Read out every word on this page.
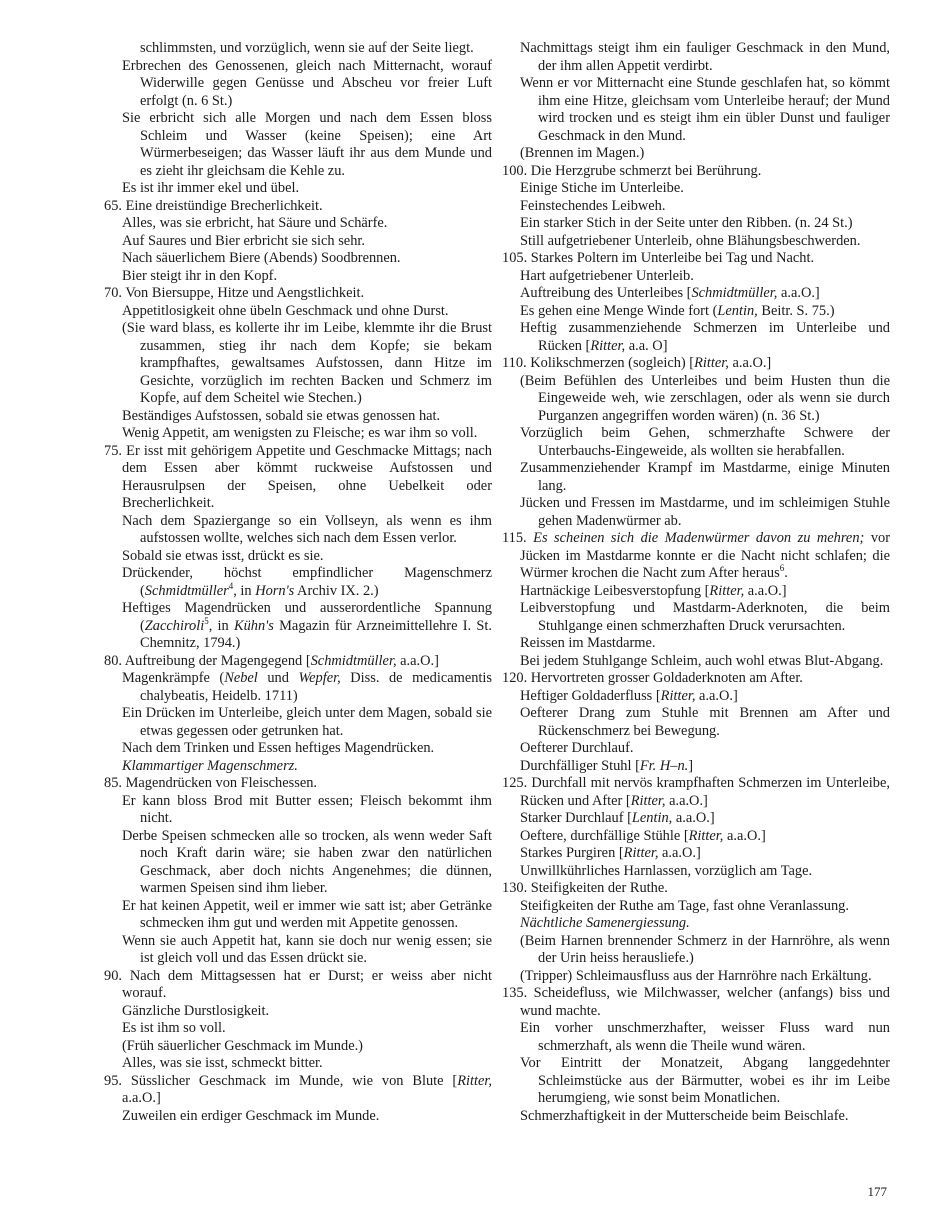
schlimmsten, und vorzüglich, wenn sie auf der Seite liegt.

Erbrechen des Genossenen, gleich nach Mitternacht, worauf Widerwille gegen Genüsse und Abscheu vor freier Luft erfolgt (n. 6 St.)

Sie erbricht sich alle Morgen und nach dem Essen bloss Schleim und Wasser (keine Speisen); eine Art Würmerbeseigen; das Wasser läuft ihr aus dem Munde und es zieht ihr gleichsam die Kehle zu.

Es ist ihr immer ekel und übel.

65. Eine dreistündige Brecherlichkeit.

Alles, was sie erbricht, hat Säure und Schärfe.

Auf Saures und Bier erbricht sie sich sehr.

Nach säuerlichem Biere (Abends) Soodbrennen.

Bier steigt ihr in den Kopf.

70. Von Biersuppe, Hitze und Aengstlichkeit.

Appetitlosigkeit ohne übeln Geschmack und ohne Durst.

(Sie ward blass, es kollerte ihr im Leibe, klemmte ihr die Brust zusammen, stieg ihr nach dem Kopfe; sie bekam krampfhaftes, gewaltsames Aufstossen, dann Hitze im Gesichte, vorzüglich im rechten Backen und Schmerz im Kopfe, auf dem Scheitel wie Stechen.)

Beständiges Aufstossen, sobald sie etwas genossen hat.

Wenig Appetit, am wenigsten zu Fleische; es war ihm so voll.

75. Er isst mit gehörigem Appetite und Geschmacke Mittags; nach dem Essen aber kömmt ruckweise Aufstossen und Herausrulpsen der Speisen, ohne Uebelkeit oder Brecherlichkeit.

Nach dem Spaziergange so ein Vollseyn, als wenn es ihm aufstossen wollte, welches sich nach dem Essen verlor.

Sobald sie etwas isst, drückt es sie.

Drückender, höchst empfindlicher Magenschmerz (Schmidtmüller$^4$, in Horn's Archiv IX. 2.)

Heftiges Magendrücken und ausserordentliche Spannung (Zacchiroli$^5$, in Kühn's Magazin für Arzneimittellehre I. St. Chemnitz, 1794.)

80. Auftreibung der Magengegend [Schmidtmüller, a.a.O.]

Magenkrämpfe (Nebel und Wepfer, Diss. de medicamentis chalybeatis, Heidelb. 1711)

Ein Drücken im Unterleibe, gleich unter dem Magen, sobald sie etwas gegessen oder getrunken hat.

Nach dem Trinken und Essen heftiges Magendrücken.

Klammartiger Magenschmerz.

85. Magendrücken von Fleischessen.

Er kann bloss Brod mit Butter essen; Fleisch bekommt ihm nicht.

Derbe Speisen schmecken alle so trocken, als wenn weder Saft noch Kraft darin wäre; sie haben zwar den natürlichen Geschmack, aber doch nichts Angenehmes; die dünnen, warmen Speisen sind ihm lieber.

Er hat keinen Appetit, weil er immer wie satt ist; aber Getränke schmecken ihm gut und werden mit Appetite genossen.

Wenn sie auch Appetit hat, kann sie doch nur wenig essen; sie ist gleich voll und das Essen drückt sie.

90. Nach dem Mittagsessen hat er Durst; er weiss aber nicht worauf.

Gänzliche Durstlosigkeit.

Es ist ihm so voll.

(Früh säuerlicher Geschmack im Munde.)

Alles, was sie isst, schmeckt bitter.

95. Süsslicher Geschmack im Munde, wie von Blute [Ritter, a.a.O.]

Zuweilen ein erdiger Geschmack im Munde.

Nachmittags steigt ihm ein fauliger Geschmack in den Mund, der ihm allen Appetit verdirbt.

Wenn er vor Mitternacht eine Stunde geschlafen hat, so kömmt ihm eine Hitze, gleichsam vom Unterleibe herauf; der Mund wird trocken und es steigt ihm ein übler Dunst und fauliger Geschmack in den Mund.

(Brennen im Magen.)

100. Die Herzgrube schmerzt bei Berührung.

Einige Stiche im Unterleibe.

Feinstechendes Leibweh.

Ein starker Stich in der Seite unter den Ribben. (n. 24 St.)

Still aufgetriebener Unterleib, ohne Blähungsbeschwerden.

105. Starkes Poltern im Unterleibe bei Tag und Nacht.

Hart aufgetriebener Unterleib.

Auftreibung des Unterleibes [Schmidtmüller, a.a.O.]

Es gehen eine Menge Winde fort (Lentin, Beitr. S. 75.)

Heftig zusammenziehende Schmerzen im Unterleibe und Rücken [Ritter, a.a. O]

110. Kolikschmerzen (sogleich) [Ritter, a.a.O.]

(Beim Befühlen des Unterleibes und beim Husten thun die Eingeweide weh, wie zerschlagen, oder als wenn sie durch Purganzen angegriffen worden wären) (n. 36 St.)

Vorzüglich beim Gehen, schmerzhafte Schwere der Unterbauchs-Eingeweide, als wollten sie herabfallen.

Zusammenziehender Krampf im Mastdarme, einige Minuten lang.

Jücken und Fressen im Mastdarme, und im schleimigen Stuhle gehen Madenwürmer ab.

115. Es scheinen sich die Madenwürmer davon zu mehren; vor Jücken im Mastdarme konnte er die Nacht nicht schlafen; die Würmer krochen die Nacht zum After heraus$^6$.

Hartnäckige Leibesverstopfung [Ritter, a.a.O.]

Leibverstopfung und Mastdarm-Aderknoten, die beim Stuhlgange einen schmerzhaften Druck verursachten.

Reissen im Mastdarme.

Bei jedem Stuhlgange Schleim, auch wohl etwas Blut-Abgang.

120. Hervortreten grosser Goldaderknoten am After.

Heftiger Goldaderfluss [Ritter, a.a.O.]

Oefterer Drang zum Stuhle mit Brennen am After und Rückenschmerz bei Bewegung.

Oefterer Durchlauf.

Durchfälliger Stuhl [Fr. H–n.]

125. Durchfall mit nervös krampfhaften Schmerzen im Unterleibe, Rücken und After [Ritter, a.a.O.]

Starker Durchlauf [Lentin, a.a.O.]

Oeftere, durchfällige Stühle [Ritter, a.a.O.]

Starkes Purgiren [Ritter, a.a.O.]

Unwillkührliches Harnlassen, vorzüglich am Tage.

130. Steifigkeiten der Ruthe.

Steifigkeiten der Ruthe am Tage, fast ohne Veranlassung.

Nächtliche Samenergiessung.

(Beim Harnen brennender Schmerz in der Harnröhre, als wenn der Urin heiss herausliefe.)

(Tripper) Schleimausfluss aus der Harnröhre nach Erkältung.

135. Scheidefluss, wie Milchwasser, welcher (anfangs) biss und wund machte.

Ein vorher unschmerzhafter, weisser Fluss ward nun schmerzhaft, als wenn die Theile wund wären.

Vor Eintritt der Monatzeit, Abgang langgedehnter Schleimstücke aus der Bärmutter, wobei es ihr im Leibe herumgieng, wie sonst beim Monatlichen.

Schmerzhaftigkeit in der Mutterscheide beim Beischlafe.

177
